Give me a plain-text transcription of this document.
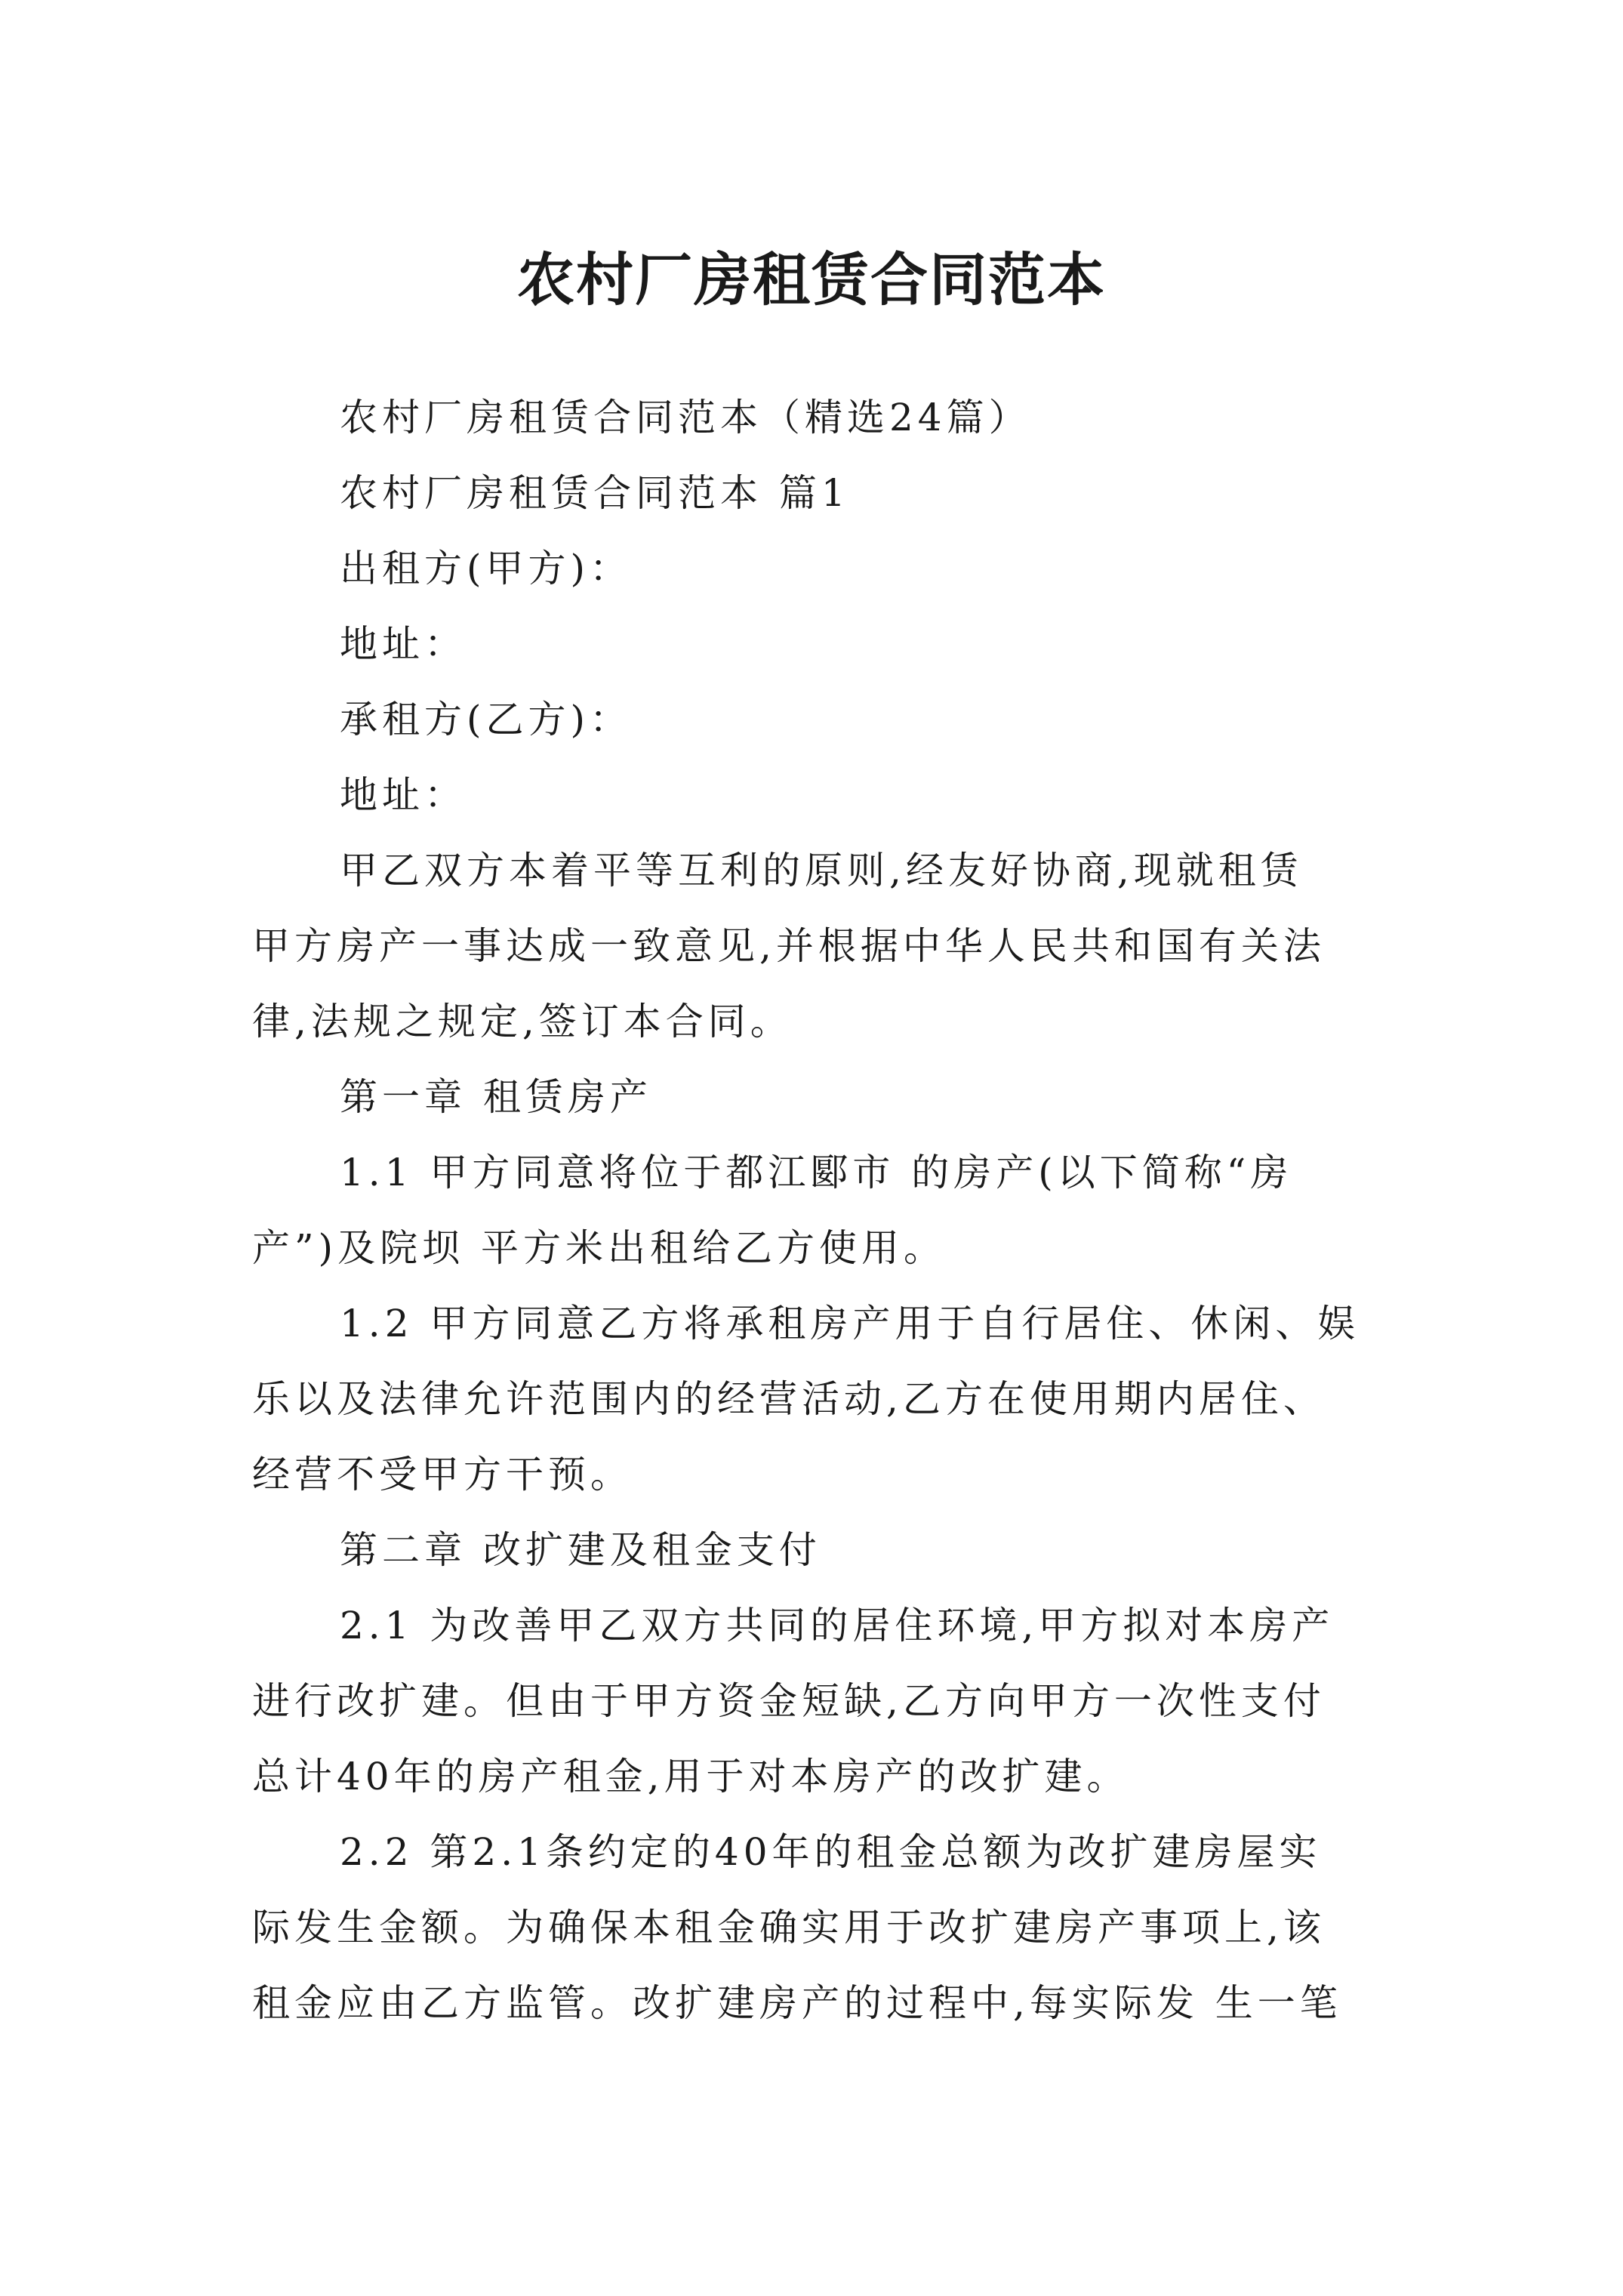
农村厂房租赁合同范本

农村厂房租赁合同范本（精选24篇）

农村厂房租赁合同范本 篇1

出租方(甲方)：

地址：

承租方(乙方)：

地址：

甲乙双方本着平等互利的原则,经友好协商,现就租赁

甲方房产一事达成一致意见,并根据中华人民共和国有关法

律,法规之规定,签订本合同。

第一章 租赁房产

1.1 甲方同意将位于都江郾市 的房产(以下简称“房

产”)及院坝 平方米出租给乙方使用。

1.2 甲方同意乙方将承租房产用于自行居住、休闲、娱

乐以及法律允许范围内的经营活动,乙方在使用期内居住、

经营不受甲方干预。

第二章 改扩建及租金支付

2.1 为改善甲乙双方共同的居住环境,甲方拟对本房产

进行改扩建。但由于甲方资金短缺,乙方向甲方一次性支付

总计40年的房产租金,用于对本房产的改扩建。

2.2 第2.1条约定的40年的租金总额为改扩建房屋实

际发生金额。为确保本租金确实用于改扩建房产事项上,该

租金应由乙方监管。改扩建房产的过程中,每实际发 生一笔
